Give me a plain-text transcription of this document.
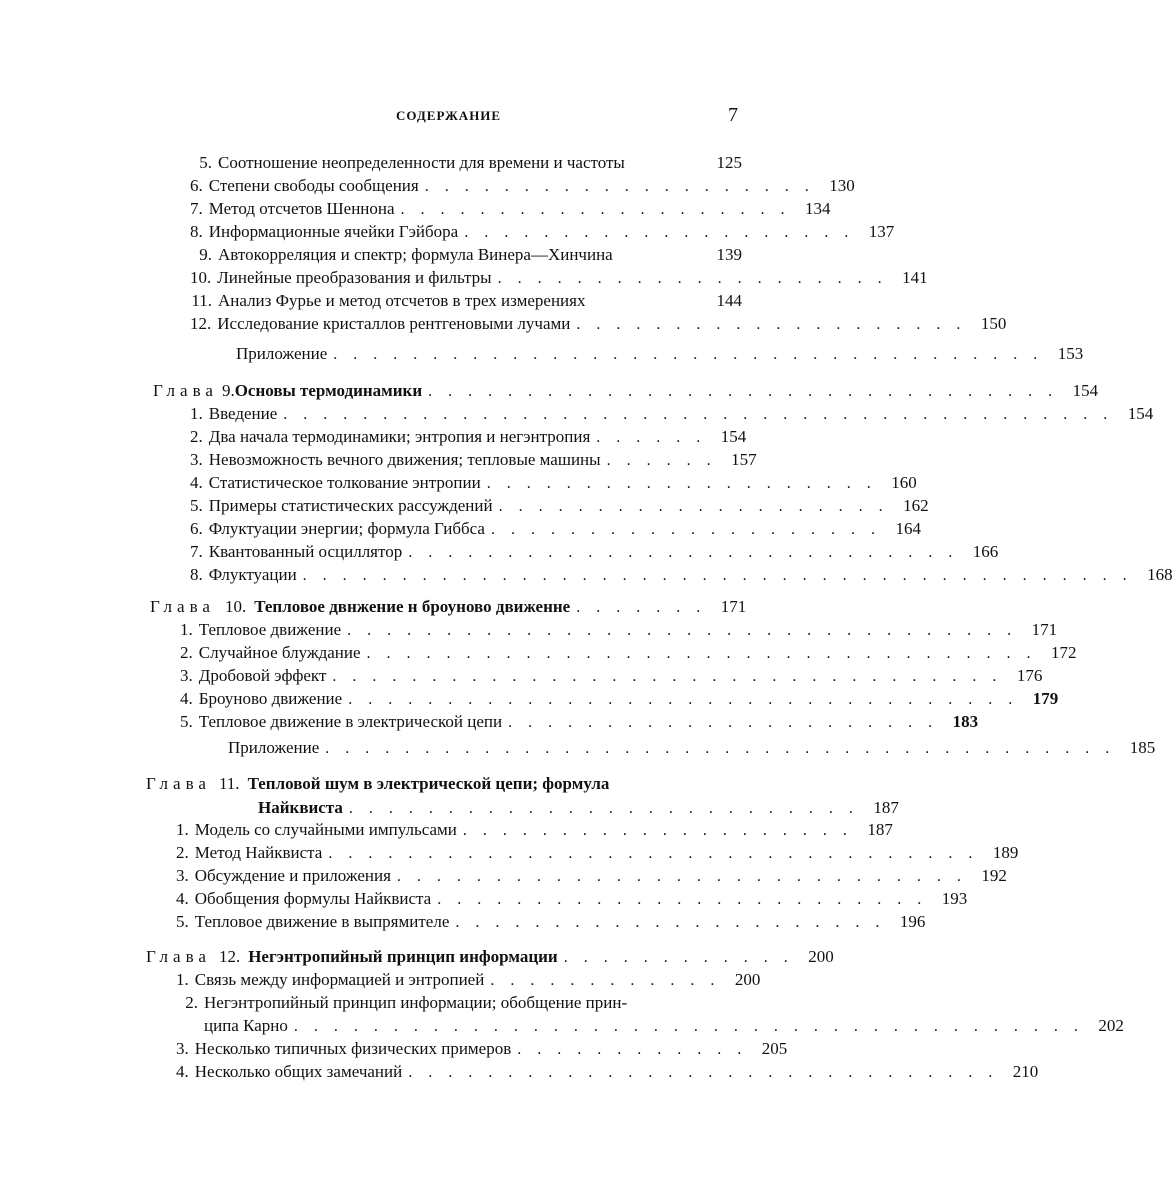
СОДЕРЖАНИЕ	7
5. Соотношение неопределенности для времени и частоты	125
6. Степени свободы сообщения . . . . . . . . . . . . . . . . . . . . 130
7. Метод отсчетов Шеннона . . . . . . . . . . . . . . . . . . . . 134
8. Информационные ячейки Гэйбора . . . . . . . . . . . . . . . . . . . . 137
9. Автокорреляция и спектр; формула Винера—Хинчина	139
10. Линейные преобразования и фильтры . . . . . . . . . . . . . . . . . . . . 141
11. Анализ Фурье и метод отсчетов в трех измерениях	144
12. Исследование кристаллов рентгеновыми лучами . . . . . . . . . . . . . . . . . . . . 150
Приложение . . . . . . . . . . . . . . . . . . . . . . . . . . . . . . . . . . . . 153
Глава 9. Основы термодинамики . . . . . . . . . . . . . . . . . . . . . . . . . . . . . . . . 154
1. Введение . . . . . . . . . . . . . . . . . . . . . . . . . . . . . . . . . . . . . . . . . . 154
2. Два начала термодинамики; энтропия и негэнтропия . . . . . . 154
3. Невозможность вечного движения; тепловые машины . . . . . . 157
4. Статистическое толкование энтропии . . . . . . . . . . . . . . . . . . . . 160
5. Примеры статистических рассуждений . . . . . . . . . . . . . . . . . . . . 162
6. Флуктуации энергии; формула Гиббса . . . . . . . . . . . . . . . . . . . . 164
7. Квантованный осциллятор . . . . . . . . . . . . . . . . . . . . . . . . . . . . 166
8. Флуктуации . . . . . . . . . . . . . . . . . . . . . . . . . . . . . . . . . . . . . . . . . . 168
Глава 10. Тепловое двнжение н броуново движенне . . . . . . . 171
1. Тепловое движение . . . . . . . . . . . . . . . . . . . . . . . . . . . . . . . . . . 171
2. Случайное блуждание . . . . . . . . . . . . . . . . . . . . . . . . . . . . . . . . . . 172
3. Дробовой эффект . . . . . . . . . . . . . . . . . . . . . . . . . . . . . . . . . . 176
4. Броуново движение . . . . . . . . . . . . . . . . . . . . . . . . . . . . . . . . . . 179
5. Тепловое движение в электрической цепи . . . . . . . . . . . . . . . . . . . . . . 183
Приложение . . . . . . . . . . . . . . . . . . . . . . . . . . . . . . . . . . . . . . . . 185
Глава 11. Тепловой шум в электрической цепи; формула
Найквиста . . . . . . . . . . . . . . . . . . . . . . . . . . 187
1. Модель со случайными импульсами . . . . . . . . . . . . . . . . . . . . 187
2. Метод Найквиста . . . . . . . . . . . . . . . . . . . . . . . . . . . . . . . . . 189
3. Обсуждение и приложения . . . . . . . . . . . . . . . . . . . . . . . . . . . . . 192
4. Обобщения формулы Найквиста . . . . . . . . . . . . . . . . . . . . . . . . . 193
5. Тепловое движение в выпрямителе . . . . . . . . . . . . . . . . . . . . . . 196
Глава 12. Негэнтропийный принцип информации . . . . . . . . . . . . 200
1. Связь между информацией и энтропией . . . . . . . . . . . . 200
2. Негэнтропийный принцип информации; обобщение прин-
ципа Карно . . . . . . . . . . . . . . . . . . . . . . . . . . . . . . . . . . . . . . . . 202
3. Несколько типичных физических примеров . . . . . . . . . . . . 205
4. Несколько общих замечаний . . . . . . . . . . . . . . . . . . . . . . . . . . . . . . 210
